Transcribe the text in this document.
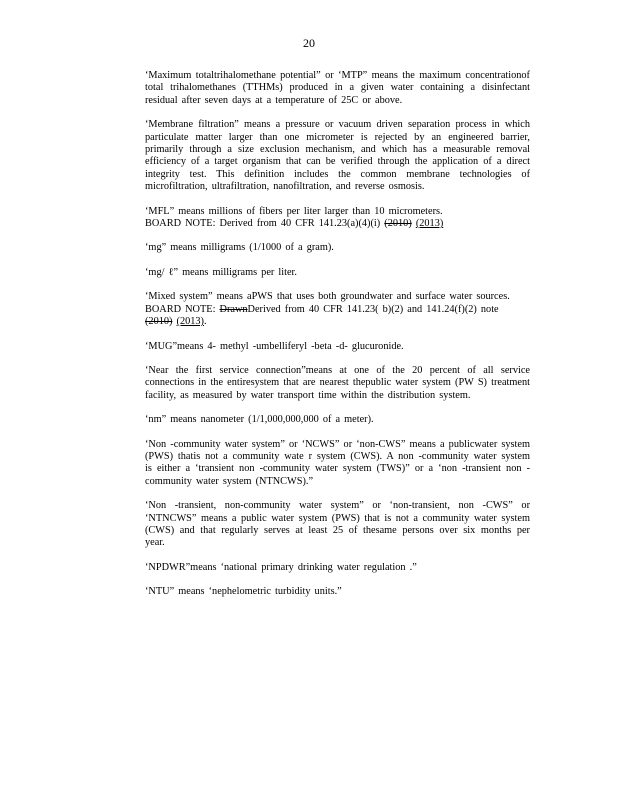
20

‘Maximum totaltrihalomethane potential” or ‘MTP” means the maximum concentrationof total trihalomethanes (TTHMs) produced in a given water containing a disinfectant residual after seven days at a temperature of 25C or above.

‘Membrane filtration” means a pressure or vacuum driven separation process in which particulate matter larger than one micrometer is rejected by an engineered barrier, primarily through a size exclusion mechanism, and which has a measurable removal efficiency of a target organism that can be verified through the application of a direct integrity test. This definition includes the common membrane technologies of microfiltration, ultrafiltration, nanofiltration, and reverse osmosis.

‘MFL” means millions of fibers per liter larger than 10 micrometers.

BOARD NOTE: Derived from 40 CFR 141.23(a)(4)(i) (2010) (2013)

‘mg” means milligrams (1/1000 of a gram).

‘mg/ ℓ” means milligrams per liter.

‘Mixed system” means aPWS that uses both groundwater and surface water sources.

BOARD NOTE: DrawnDerived from 40 CFR 141.23( b)(2) and 141.24(f)(2) note (2010) (2013).

‘MUG”means 4- methyl -umbelliferyl -beta -d- glucuronide.

‘Near the first service connection”means at one of the 20 percent of all service connections in the entiresystem that are nearest thepublic water system (PW S) treatment facility, as measured by water transport time within the distribution system.

‘nm” means nanometer (1/1,000,000,000 of a meter).

‘Non -community water system” or ‘NCWS” or ‘non-CWS” means a publicwater system (PWS) thatis not a community wate r system (CWS). A non -community water system is either a ‘transient non -community water system (TWS)” or a ‘non -transient non -community water system (NTNCWS).”

‘Non -transient, non-community water system” or ‘non-transient, non -CWS” or ‘NTNCWS” means a public water system (PWS) that is not a community water system (CWS) and that regularly serves at least 25 of thesame persons over six months per year.

‘NPDWR”means ‘national primary drinking water regulation .”

‘NTU” means ‘nephelometric turbidity units.”
